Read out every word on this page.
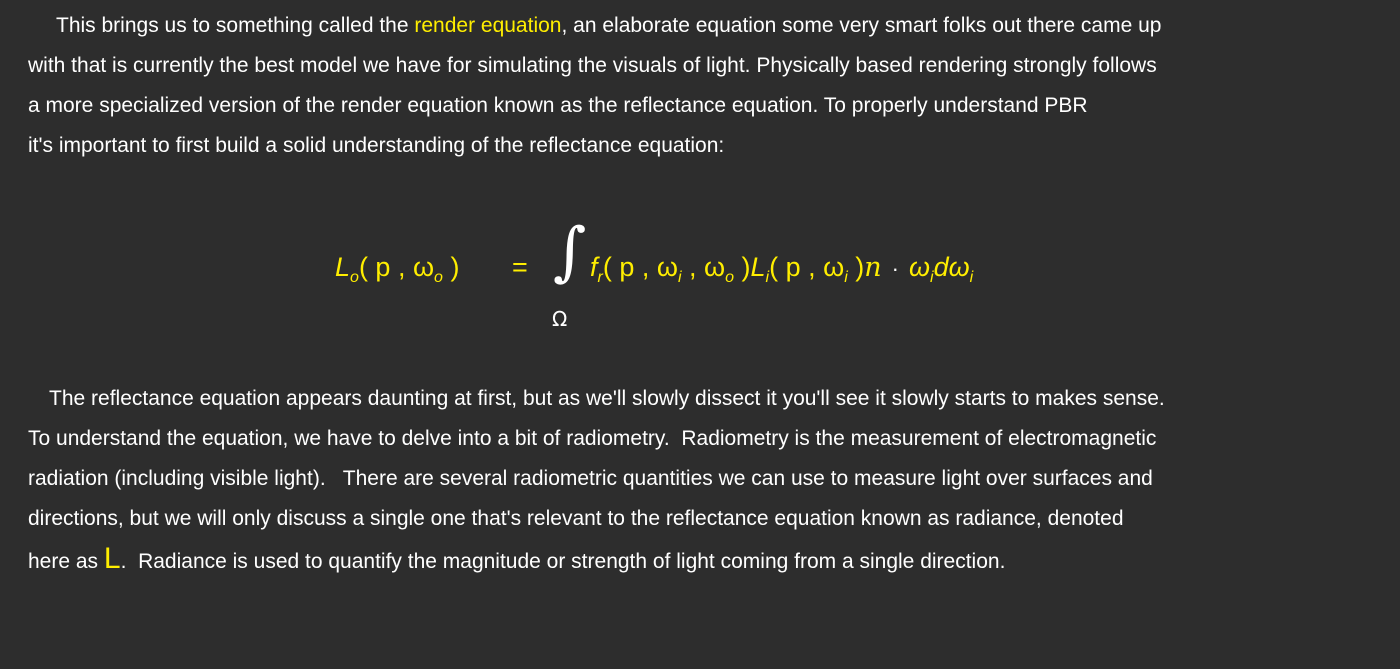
This brings us to something called the render equation, an elaborate equation some very smart folks out there came up
with that is currently the best model we have for simulating the visuals of light. Physically based rendering strongly follows
a more specialized version of the render equation known as the reflectance equation. To properly understand PBR
it's important to first build a solid understanding of the reflectance equation:
$L_o$( p , $\omega_o$ ) = ∫
Ω
$f_r$( p , $\omega_i$ , $\omega_o$ )$L_i$( p , $\omega_i$ )$n \cdot \omega_id\omega_i$
The reflectance equation appears daunting at first, but as we'll slowly dissect it you'll see it slowly starts to makes sense.
To understand the equation, we have to delve into a bit of radiometry.  Radiometry is the measurement of electromagnetic
radiation (including visible light).   There are several radiometric quantities we can use to measure light over surfaces and
directions, but we will only discuss a single one that's relevant to the reflectance equation known as radiance, denoted
here as L.  Radiance is used to quantify the magnitude or strength of light coming from a single direction.
